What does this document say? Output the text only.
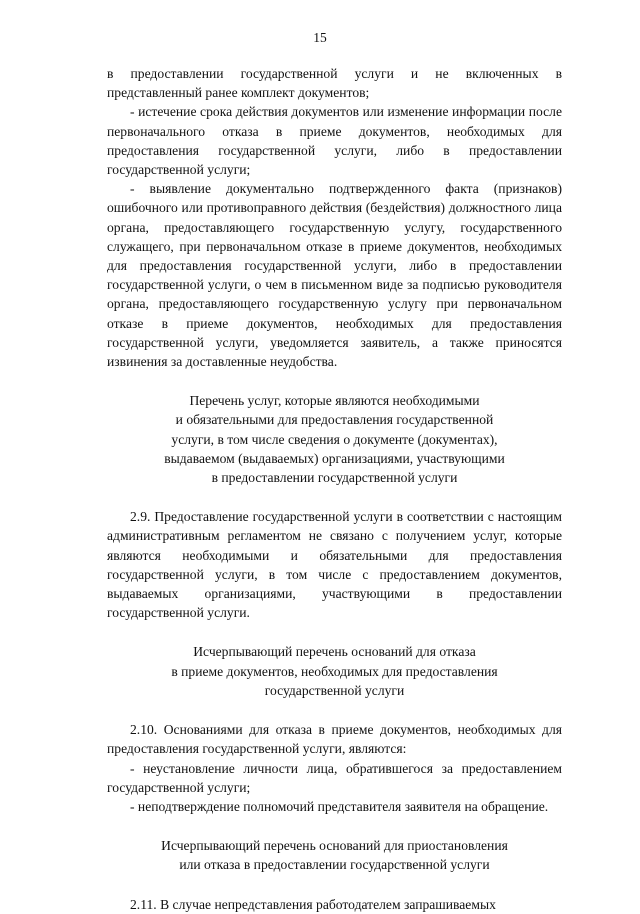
15

в предоставлении государственной услуги и не включенных в представленный ранее комплект документов;

- истечение срока действия документов или изменение информации после первоначального отказа в приеме документов, необходимых для предоставления государственной услуги, либо в предоставлении государственной услуги;

- выявление документально подтвержденного факта (признаков) ошибочного или противоправного действия (бездействия) должностного лица органа, предоставляющего государственную услугу, государственного служащего, при первоначальном отказе в приеме документов, необходимых для предоставления государственной услуги, либо в предоставлении государственной услуги, о чем в письменном виде за подписью руководителя органа, предоставляющего государственную услугу при первоначальном отказе в приеме документов, необходимых для предоставления государственной услуги, уведомляется заявитель, а также приносятся извинения за доставленные неудобства.

Перечень услуг, которые являются необходимыми
и обязательными для предоставления государственной
услуги, в том числе сведения о документе (документах),
выдаваемом (выдаваемых) организациями, участвующими
в предоставлении государственной услуги

2.9. Предоставление государственной услуги в соответствии с настоящим административным регламентом не связано с получением услуг, которые являются необходимыми и обязательными для предоставления государственной услуги, в том числе с предоставлением документов, выдаваемых организациями, участвующими в предоставлении государственной услуги.

Исчерпывающий перечень оснований для отказа
в приеме документов, необходимых для предоставления
государственной услуги

2.10. Основаниями для отказа в приеме документов, необходимых для предоставления государственной услуги, являются:

- неустановление личности лица, обратившегося за предоставлением государственной услуги;

- неподтверждение полномочий представителя заявителя на обращение.

Исчерпывающий перечень оснований для приостановления
или отказа в предоставлении государственной услуги

2.11. В случае непредставления работодателем запрашиваемых
